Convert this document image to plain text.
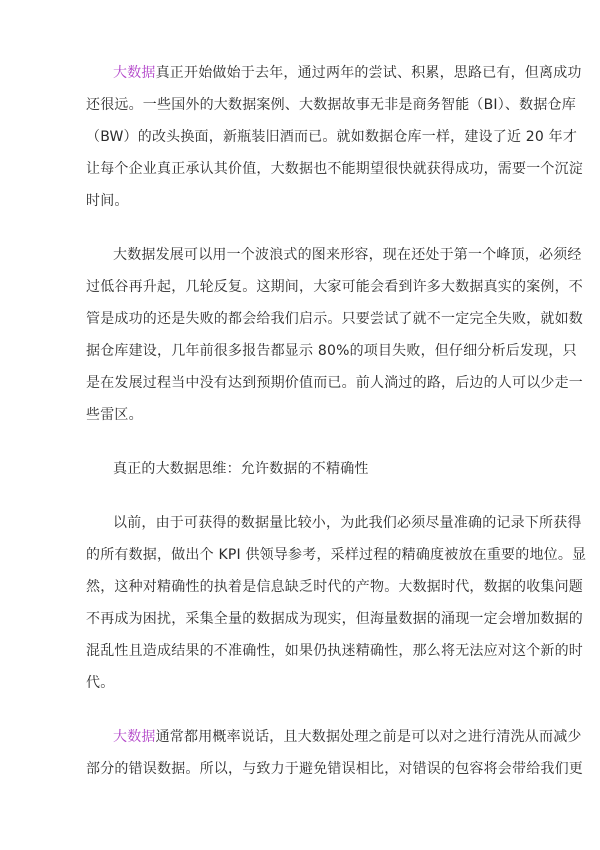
大数据真正开始做始于去年，通过两年的尝试、积累，思路已有，但离成功
还很远。一些国外的大数据案例、大数据故事无非是商务智能（BI）、数据仓库
（BW）的改头换面，新瓶装旧酒而已。就如数据仓库一样，建设了近 20 年才
让每个企业真正承认其价值，大数据也不能期望很快就获得成功，需要一个沉淀
时间。
大数据发展可以用一个波浪式的图来形容，现在还处于第一个峰顶，必须经
过低谷再升起，几轮反复。这期间，大家可能会看到许多大数据真实的案例，不
管是成功的还是失败的都会给我们启示。只要尝试了就不一定完全失败，就如数
据仓库建设，几年前很多报告都显示 80%的项目失败，但仔细分析后发现，只
是在发展过程当中没有达到预期价值而已。前人淌过的路，后边的人可以少走一
些雷区。
真正的大数据思维：允许数据的不精确性
以前，由于可获得的数据量比较小，为此我们必须尽量准确的记录下所获得
的所有数据，做出个 KPI 供领导参考，采样过程的精确度被放在重要的地位。显
然，这种对精确性的执着是信息缺乏时代的产物。大数据时代，数据的收集问题
不再成为困扰，采集全量的数据成为现实，但海量数据的涌现一定会增加数据的
混乱性且造成结果的不准确性，如果仍执迷精确性，那么将无法应对这个新的时
代。
大数据通常都用概率说话，且大数据处理之前是可以对之进行清洗从而减少
部分的错误数据。所以，与致力于避免错误相比，对错误的包容将会带给我们更
